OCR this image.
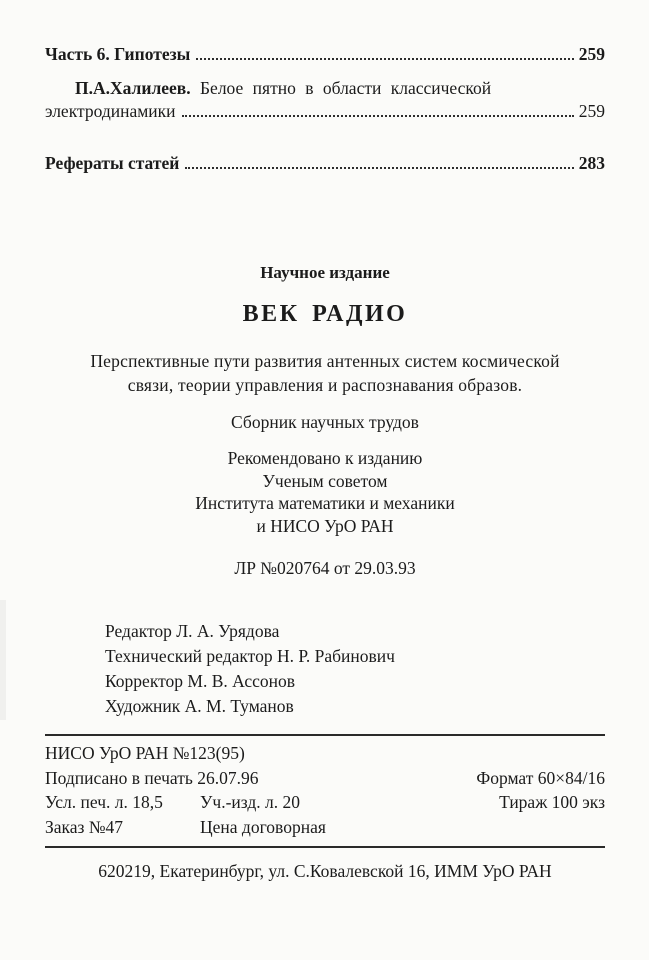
Часть 6. Гипотезы	259
П.А.Халилеев. Белое пятно в области классической
электродинамики	259
Рефераты статей	283
Научное издание
ВЕК РАДИО
Перспективные пути развития антенных систем космической
связи, теории управления и распознавания образов.
Сборник научных трудов
Рекомендовано к изданию
Ученым советом
Института математики и механики
и НИСО УрО РАН
ЛР №020764 от 29.03.93
Редактор Л. А. Урядова
Технический редактор Н. Р. Рабинович
Корректор М. В. Ассонов
Художник А. М. Туманов
НИСО УрО РАН №123(95)
Подписано в печать 26.07.96	Формат 60×84/16
Усл. печ. л. 18,5	Уч.-изд. л. 20	Тираж 100 экз
Заказ №47	Цена договорная
620219, Екатеринбург, ул. С.Ковалевской 16, ИММ УрО РАН
